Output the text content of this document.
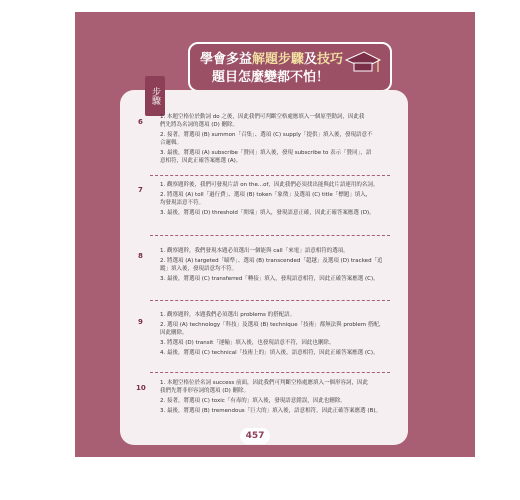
學會多益解題步驟及技巧
題目怎麼變都不怕！
步驟
6
1. 本題空格位於動詞 do 之後，因此我們可判斷空格處應填入一個原型動詞，因此我
們先將為名詞的選項 (D) 刪除。
2. 接著，將選項 (B) summon「召集」、選項 (C) supply「提供」填入後，發現語意不
合邏輯。
3. 最後，將選項 (A) subscribe「贊同」填入後，發現 subscribe to 表示「贊同」，語
意相符，因此正確答案應選 (A)。
7
1. 觀察題幹後，我們可發現片語 on the...of，因此我們必須找出能與此片語連用的名詞。
2. 將選項 (A) toll「過行費」、選項 (B) token「象徵」及選項 (C) title「標題」填入，
均發現語意不符。
3. 最後，將選項 (D) threshold「開端」填入，發現語意正確，因此正確答案應選 (D)。
8
1. 觀察題幹，我們發現本題必須選出一個能與 call「來電」語意相符的選項。
2. 將選項 (A) targeted「瞄準」、選項 (B) transcended「超越」及選項 (D) tracked「追
蹤」填入後，發現語意均不符。
3. 最後，將選項 (C) transferred「轉接」填入，發現語意相符，因此正確答案應選 (C)。
9
1. 觀察題幹，本題我們必須選出 problems 的搭配語。
2. 選項 (A) technology「科技」及選項 (B) technique「技術」都無法與 problem 搭配，
因此刪除。
3. 將選項 (D) transit「運輸」填入後，也發現語意不符，因此也刪除。
4. 最後，將選項 (C) technical「技術上的」填入後，語意相符，因此正確答案應選 (C)。
10
1. 本題空格位於名詞 success 前面，因此我們可判斷空格處應填入一個形容詞，因此
我們先將非形容詞的選項 (D) 刪除。
2. 接著，將選項 (C) toxic「有毒的」填入後，發現語意錯誤，因此也刪除。
3. 最後，將選項 (B) tremendous「巨大的」填入後，語意相符，因此正確答案應選 (B)。
457
